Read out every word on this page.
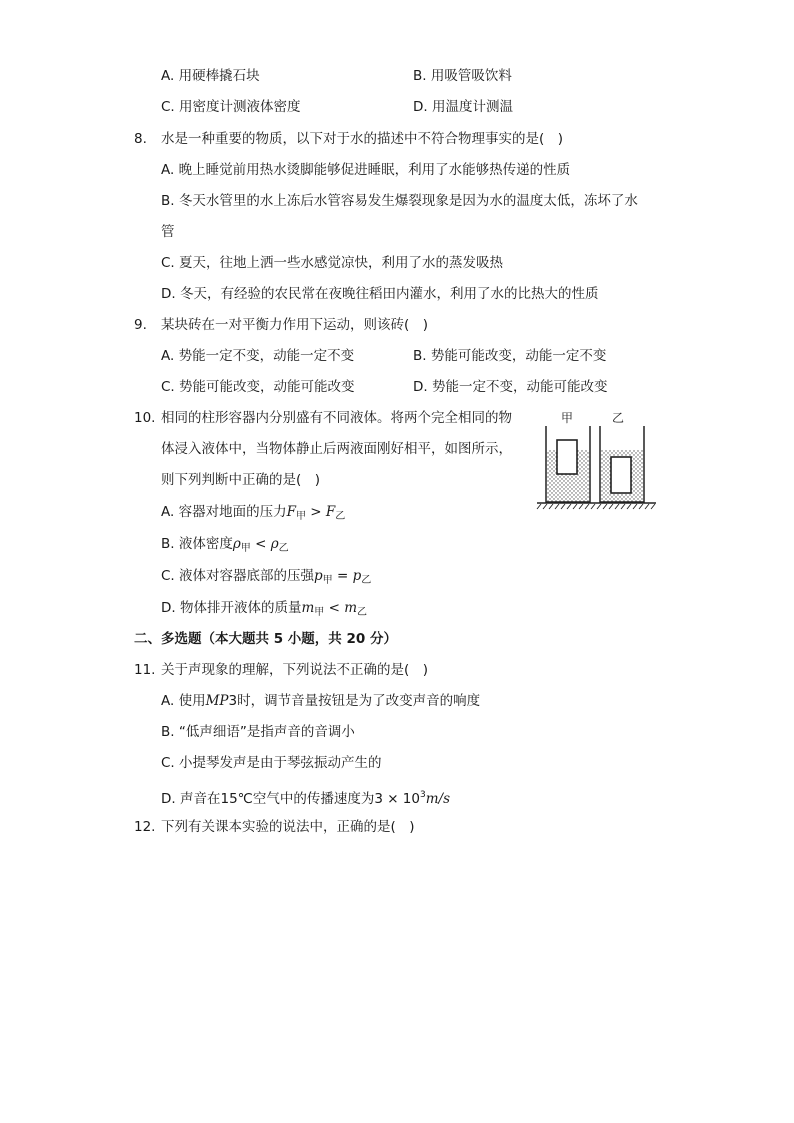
A. 用硬棒撬石块	B. 用吸管吸饮料
C. 用密度计测液体密度	D. 用温度计测温
8. 水是一种重要的物质，以下对于水的描述中不符合物理事实的是(　)
A. 晚上睡觉前用热水烫脚能够促进睡眠，利用了水能够热传递的性质
B. 冬天水管里的水上冻后水管容易发生爆裂现象是因为水的温度太低，冻坏了水
管
C. 夏天，往地上洒一些水感觉凉快，利用了水的蒸发吸热
D. 冬天，有经验的农民常在夜晚往稻田内灌水，利用了水的比热大的性质
9. 某块砖在一对平衡力作用下运动，则该砖(　)
A. 势能一定不变，动能一定不变	B. 势能可能改变，动能一定不变
C. 势能可能改变，动能可能改变	D. 势能一定不变，动能可能改变
10. 相同的柱形容器内分别盛有不同液体。将两个完全相同的物
体浸入液体中，当物体静止后两液面刚好相平，如图所示，
则下列判断中正确的是(　)
A. 容器对地面的压力$F_甲 > F_乙$
B. 液体密度$\rho_甲 < \rho_乙$
C. 液体对容器底部的压强$p_甲 = p_乙$
D. 物体排开液体的质量$m_甲 < m_乙$
甲	乙
二、多选题（本大题共 5 小题，共 20 分）
11. 关于声现象的理解，下列说法不正确的是(　)
A. 使用MP3时，调节音量按钮是为了改变声音的响度
B. “低声细语”是指声音的音调小
C. 小提琴发声是由于琴弦振动产生的
D. 声音在15℃空气中的传播速度为$3 \times 10^3m/s$
12. 下列有关课本实验的说法中，正确的是(　)
